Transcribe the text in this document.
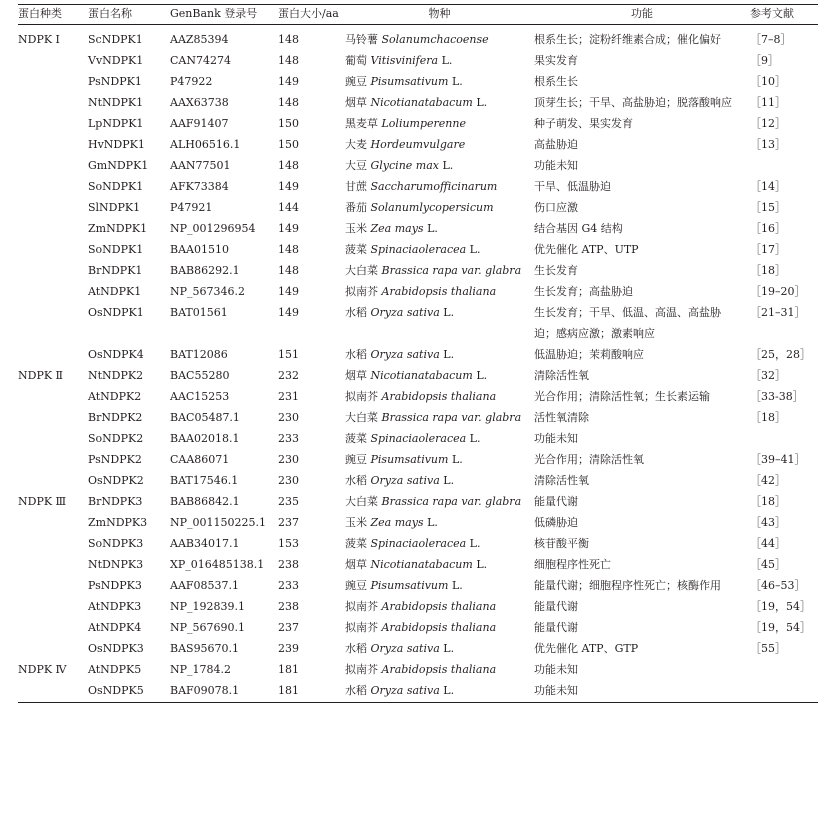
蛋白种类	蛋白名称	GenBank 登录号	蛋白大小/aa	物种	功能	参考文献
NDPK Ⅰ	ScNDPK1	AAZ85394	148	马铃薯 Solanumchacoense	根系生长；淀粉纤维素合成；催化偏好	［7–8］
	VvNDPK1	CAN74274	148	葡萄 Vitisvinifera L.	果实发育	［9］
	PsNDPK1	P47922	149	豌豆 Pisumsativum L.	根系生长	［10］
	NtNDPK1	AAX63738	148	烟草 Nicotianatabacum L.	顶芽生长；干旱、高盐胁迫；脱落酸响应	［11］
	LpNDPK1	AAF91407	150	黑麦草 Loliumperenne	种子萌发、果实发育	［12］
	HvNDPK1	ALH06516.1	150	大麦 Hordeumvulgare	高盐胁迫	［13］
	GmNDPK1	AAN77501	148	大豆 Glycine max L.	功能未知	
	SoNDPK1	AFK73384	149	甘蔗 Saccharumofficinarum	干旱、低温胁迫	［14］
	SlNDPK1	P47921	144	番茄 Solanumlycopersicum	伤口应激	［15］
	ZmNDPK1	NP_001296954	149	玉米 Zea mays L.	结合基因 G4 结构	［16］
	SoNDPK1	BAA01510	148	菠菜 Spinaciaoleracea L.	优先催化 ATP、UTP	［17］
	BrNDPK1	BAB86292.1	148	大白菜 Brassica rapa var. glabra	生长发育	［18］
	AtNDPK1	NP_567346.2	149	拟南芥 Arabidopsis thaliana	生长发育；高盐胁迫	［19–20］
	OsNDPK1	BAT01561	149	水稻 Oryza sativa L.	生长发育；干旱、低温、高温、高盐胁迫；感病应激；激素响应	［21–31］
	OsNDPK4	BAT12086	151	水稻 Oryza sativa L.	低温胁迫；茉莉酸响应	［25，28］
NDPK Ⅱ	NtNDPK2	BAC55280	232	烟草 Nicotianatabacum L.	清除活性氧	［32］
	AtNDPK2	AAC15253	231	拟南芥 Arabidopsis thaliana	光合作用；清除活性氧；生长素运输	［33-38］
	BrNDPK2	BAC05487.1	230	大白菜 Brassica rapa var. glabra	活性氧清除	［18］
	SoNDPK2	BAA02018.1	233	菠菜 Spinaciaoleracea L.	功能未知	
	PsNDPK2	CAA86071	230	豌豆 Pisumsativum L.	光合作用；清除活性氧	［39–41］
	OsNDPK2	BAT17546.1	230	水稻 Oryza sativa L.	清除活性氧	［42］
NDPK Ⅲ	BrNDPK3	BAB86842.1	235	大白菜 Brassica rapa var. glabra	能量代谢	［18］
	ZmNDPK3	NP_001150225.1	237	玉米 Zea mays L.	低磷胁迫	［43］
	SoNDPK3	AAB34017.1	153	菠菜 Spinaciaoleracea L.	核苷酸平衡	［44］
	NtDNPK3	XP_016485138.1	238	烟草 Nicotianatabacum L.	细胞程序性死亡	［45］
	PsNDPK3	AAF08537.1	233	豌豆 Pisumsativum L.	能量代谢；细胞程序性死亡；核酶作用	［46–53］
	AtNDPK3	NP_192839.1	238	拟南芥 Arabidopsis thaliana	能量代谢	［19，54］
	AtNDPK4	NP_567690.1	237	拟南芥 Arabidopsis thaliana	能量代谢	［19，54］
	OsNDPK3	BAS95670.1	239	水稻 Oryza sativa L.	优先催化 ATP、GTP	［55］
NDPK Ⅳ	AtNDPK5	NP_1784.2	181	拟南芥 Arabidopsis thaliana	功能未知	
	OsNDPK5	BAF09078.1	181	水稻 Oryza sativa L.	功能未知	
